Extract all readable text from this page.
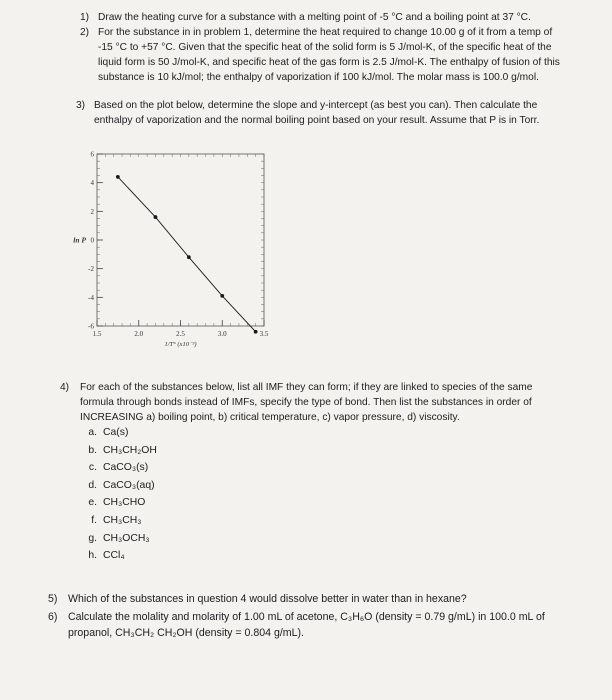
1) Draw the heating curve for a substance with a melting point of -5 °C and a boiling point at 37 °C.
2) For the substance in in problem 1, determine the heat required to change 10.00 g of it from a temp of -15 °C to +57 °C. Given that the specific heat of the solid form is 5 J/mol-K, of the specific heat of the liquid form is 50 J/mol-K, and specific heat of the gas form is 2.5 J/mol-K. The enthalpy of fusion of this substance is 10 kJ/mol; the enthalpy of vaporization if 100 kJ/mol. The molar mass is 100.0 g/mol.
3) Based on the plot below, determine the slope and y-intercept (as best you can). Then calculate the enthalpy of vaporization and the normal boiling point based on your result. Assume that P is in Torr.
1.5	2.0	2.5	3.0	3.5
6
4
2
0
-2
-4
-6
1/T° (x10⁻³)
ln P
4)	For each of the substances below, list all IMF they can form; if they are linked to species of the same formula through bonds instead of IMFs, specify the type of bond. Then list the substances in order of INCREASING a) boiling point, b) critical temperature, c) vapor pressure, d) viscosity.
a. Ca(s)
b. CH₃CH₂OH
c. CaCO₃(s)
d. CaCO₃(aq)
e. CH₃CHO
f. CH₃CH₃
g. CH₃OCH₃
h. CCl₄
5) Which of the substances in question 4 would dissolve better in water than in hexane?
6) Calculate the molality and molarity of 1.00 mL of acetone, C₃H₆O (density = 0.79 g/mL) in 100.0 mL of propanol, CH₃CH₂ CH₂OH (density = 0.804 g/mL).
